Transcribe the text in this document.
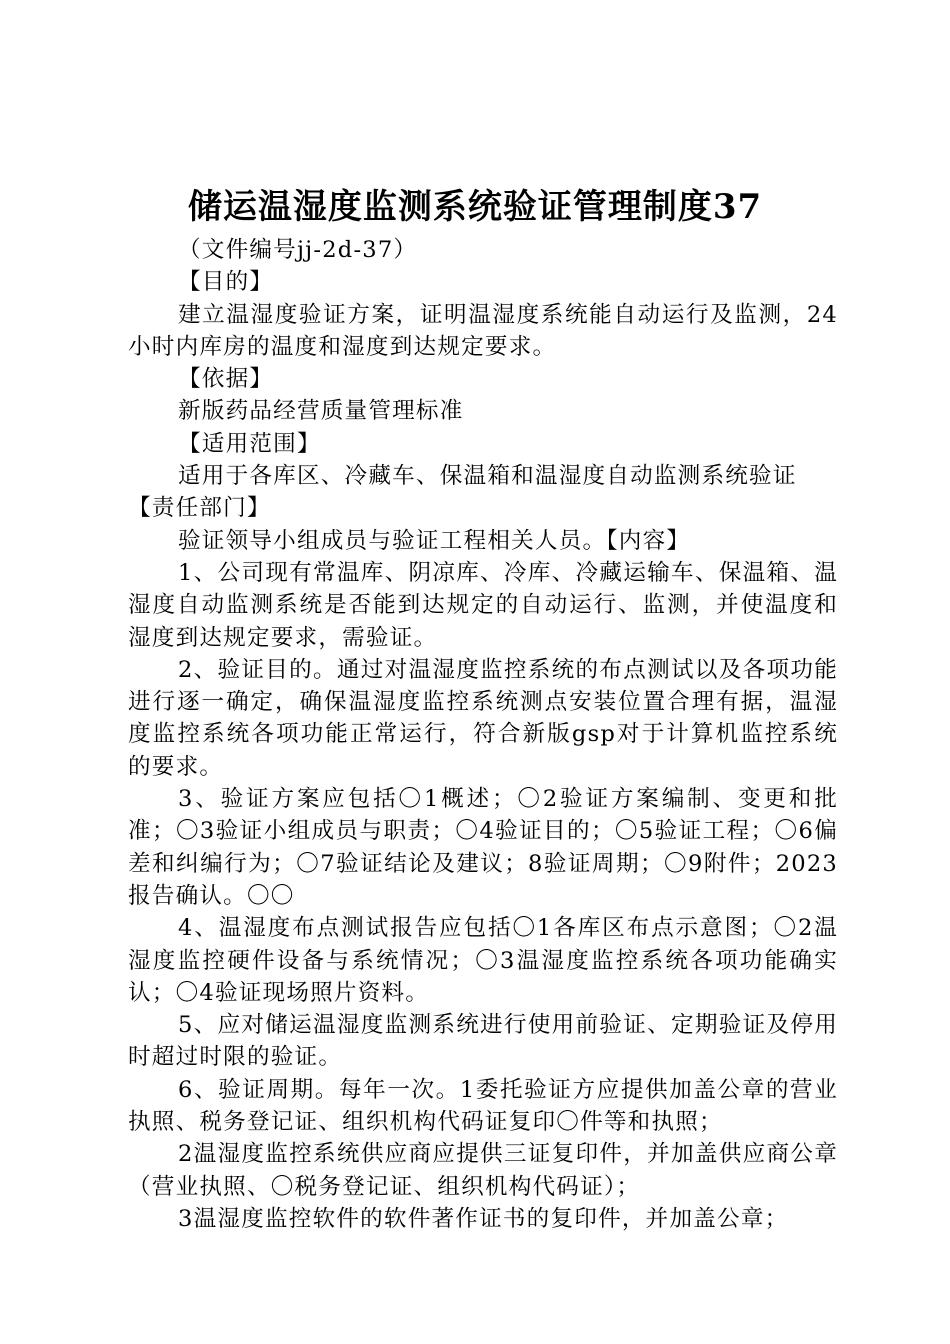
储运温湿度监测系统验证管理制度37

（文件编号jj-2d-37）

【目的】

建立温湿度验证方案，证明温湿度系统能自动运行及监测，24小时内库房的温度和湿度到达规定要求。

【依据】

新版药品经营质量管理标准

【适用范围】

适用于各库区、冷藏车、保温箱和温湿度自动监测系统验证

【责任部门】

验证领导小组成员与验证工程相关人员。【内容】

1、公司现有常温库、阴凉库、冷库、冷藏运输车、保温箱、温湿度自动监测系统是否能到达规定的自动运行、监测，并使温度和湿度到达规定要求，需验证。

2、验证目的。通过对温湿度监控系统的布点测试以及各项功能进行逐一确定，确保温湿度监控系统测点安装位置合理有据，温湿度监控系统各项功能正常运行，符合新版gsp对于计算机监控系统的要求。

3、验证方案应包括〇1概述；〇2验证方案编制、变更和批准；〇3验证小组成员与职责；〇4验证目的；〇5验证工程；〇6偏差和纠编行为；〇7验证结论及建议；8验证周期；〇9附件；2023报告确认。〇〇

4、温湿度布点测试报告应包括〇1各库区布点示意图；〇2温湿度监控硬件设备与系统情况；〇3温湿度监控系统各项功能确实认；〇4验证现场照片资料。

5、应对储运温湿度监测系统进行使用前验证、定期验证及停用时超过时限的验证。

6、验证周期。每年一次。1委托验证方应提供加盖公章的营业执照、税务登记证、组织机构代码证复印〇件等和执照；

2温湿度监控系统供应商应提供三证复印件，并加盖供应商公章（营业执照、〇税务登记证、组织机构代码证）；

3温湿度监控软件的软件著作证书的复印件，并加盖公章；
